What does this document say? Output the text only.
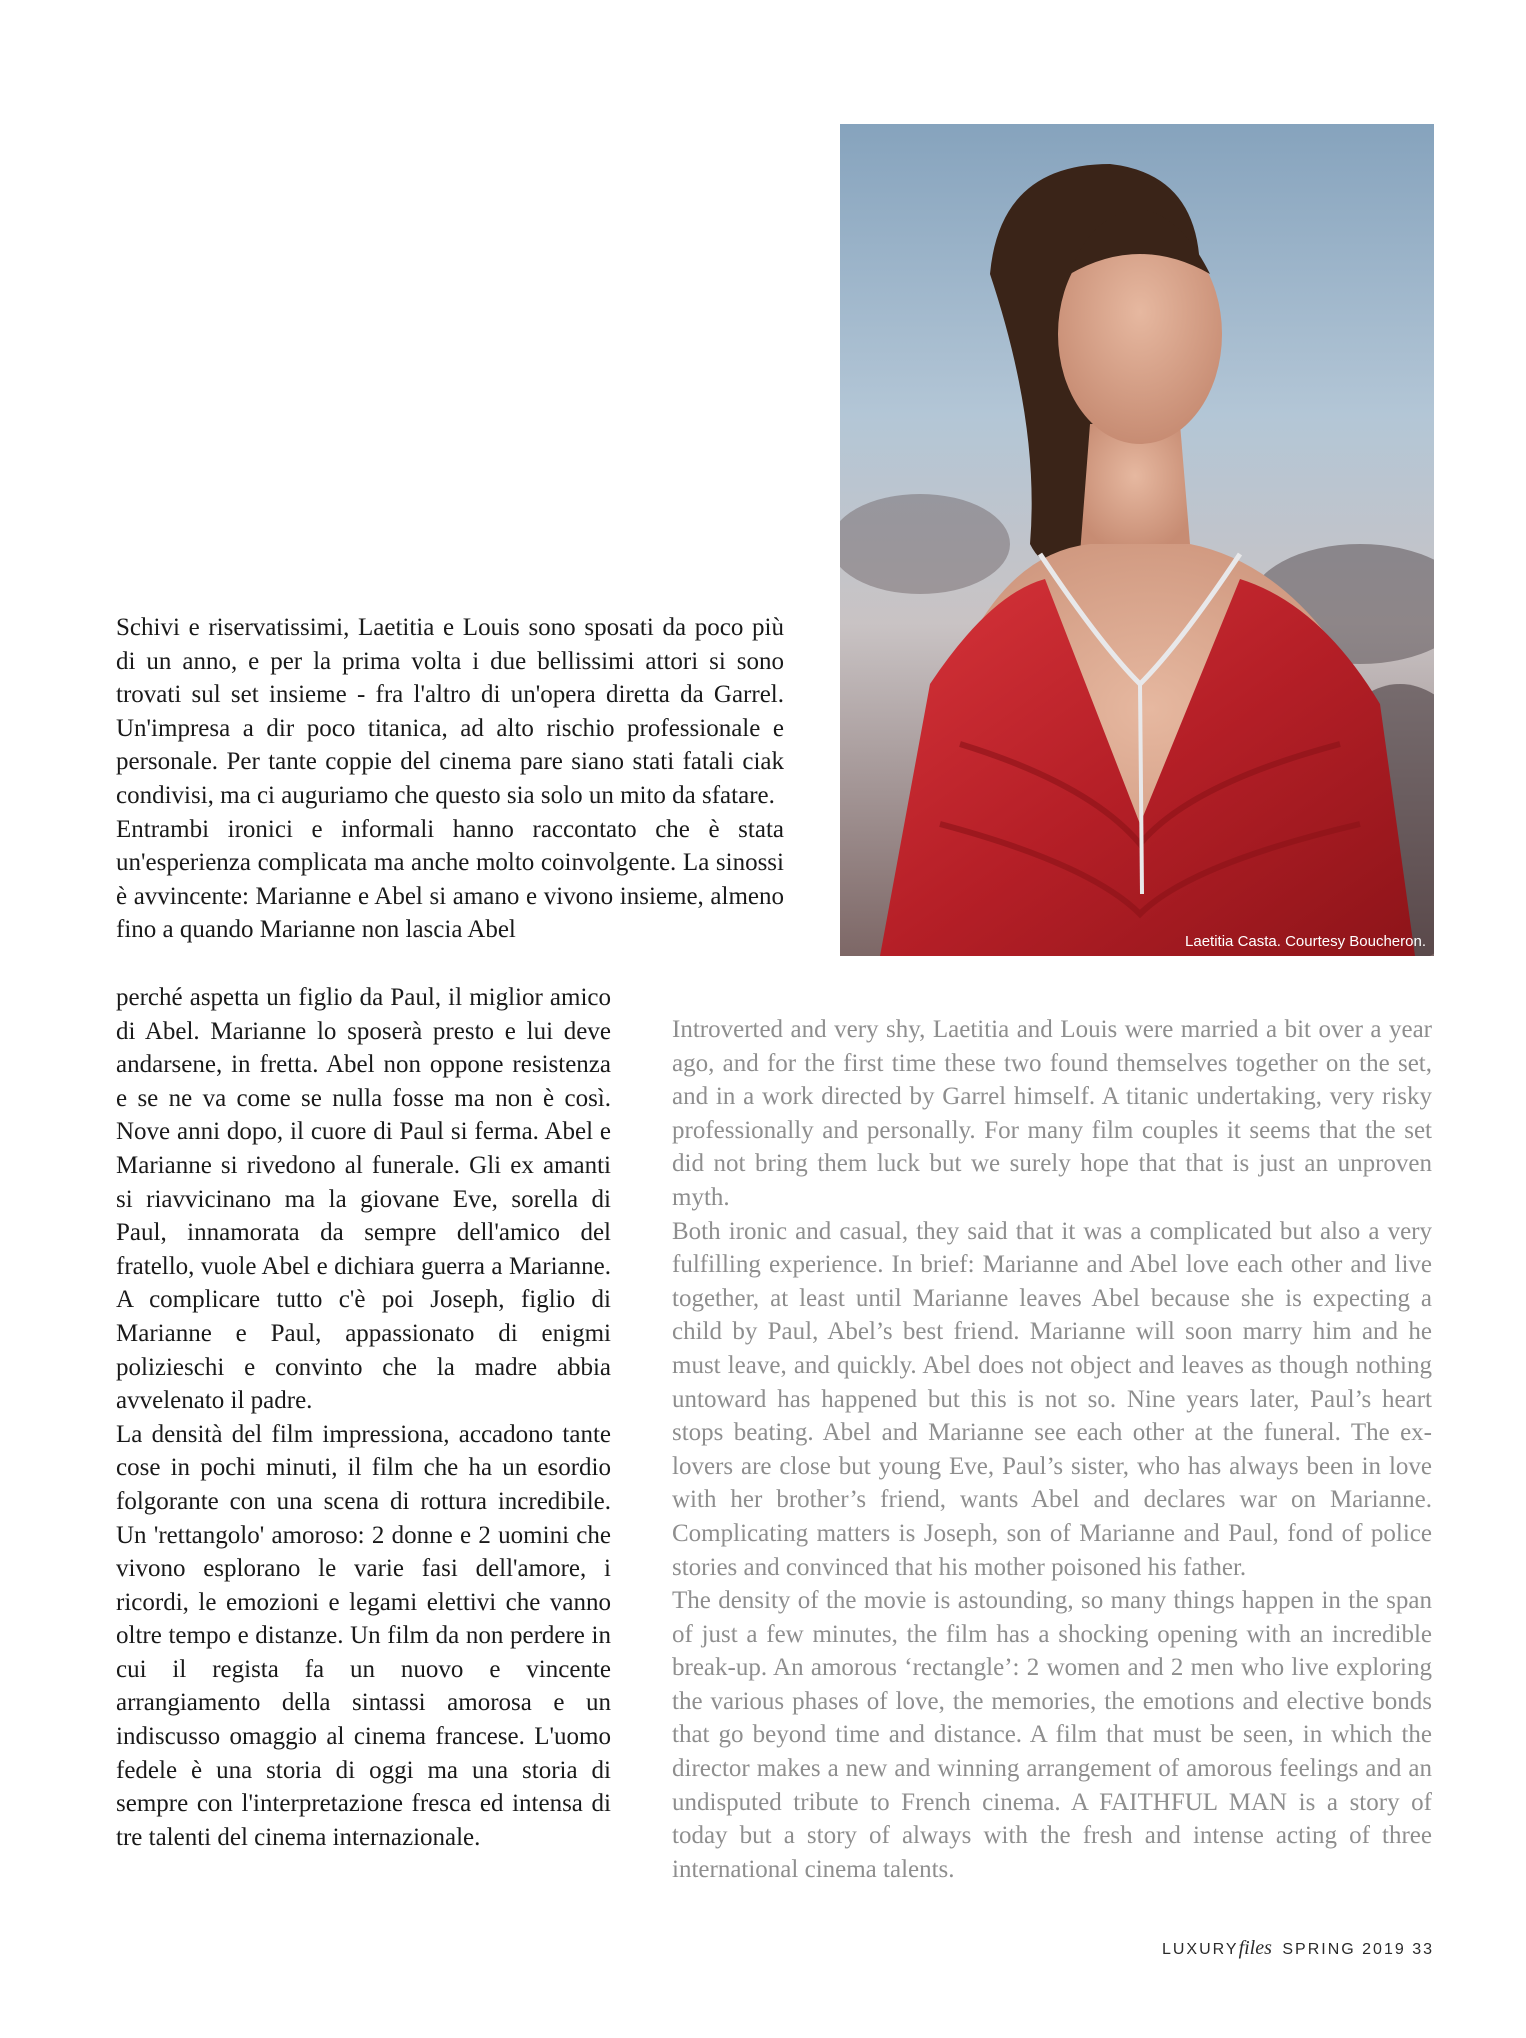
Laetitia Casta. Courtesy Boucheron.

Schivi e riservatissimi, Laetitia e Louis sono sposati da poco più di un anno, e per la prima volta i due bellissimi attori si sono trovati sul set insieme - fra l'altro di un'opera diretta da Garrel. Un'impresa a dir poco titanica, ad alto rischio professionale e personale. Per tante coppie del cinema pare siano stati fatali ciak condivisi, ma ci auguriamo che questo sia solo un mito da sfatare.

Entrambi ironici e informali hanno raccontato che è stata un'esperienza complicata ma anche molto coinvolgente. La sinossi è avvincente: Marianne e Abel si amano e vivono insieme, almeno fino a quando Marianne non lascia Abel

perché aspetta un figlio da Paul, il miglior amico di Abel. Marianne lo sposerà presto e lui deve andarsene, in fretta. Abel non oppone resistenza e se ne va come se nulla fosse ma non è così. Nove anni dopo, il cuore di Paul si ferma. Abel e Marianne si rivedono al funerale. Gli ex amanti si riavvicinano ma la giovane Eve, sorella di Paul, innamorata da sempre dell'amico del fratello, vuole Abel e dichiara guerra a Marianne. A complicare tutto c'è poi Joseph, figlio di Marianne e Paul, appassionato di enigmi polizieschi e convinto che la madre abbia avvelenato il padre.

La densità del film impressiona, accadono tante cose in pochi minuti, il film che ha un esordio folgorante con una scena di rottura incredibile. Un 'rettangolo' amoroso: 2 donne e 2 uomini che vivono esplorano le varie fasi dell'amore, i ricordi, le emozioni e legami elettivi che vanno oltre tempo e distanze. Un film da non perdere in cui il regista fa un nuovo e vincente arrangiamento della sintassi amorosa e un indiscusso omaggio al cinema francese. L'uomo fedele è una storia di oggi ma una storia di sempre con l'interpretazione fresca ed intensa di tre talenti del cinema internazionale.

Introverted and very shy, Laetitia and Louis were married a bit over a year ago, and for the first time these two found themselves together on the set, and in a work directed by Garrel himself. A titanic undertaking, very risky professionally and personally. For many film couples it seems that the set did not bring them luck but we surely hope that that is just an unproven myth.

Both ironic and casual, they said that it was a complicated but also a very fulfilling experience. In brief: Marianne and Abel love each other and live together, at least until Marianne leaves Abel because she is expecting a child by Paul, Abel’s best friend. Marianne will soon marry him and he must leave, and quickly. Abel does not object and leaves as though nothing untoward has happened but this is not so. Nine years later, Paul’s heart stops beating. Abel and Marianne see each other at the funeral. The ex-lovers are close but young Eve, Paul’s sister, who has always been in love with her brother’s friend, wants Abel and declares war on Marianne. Complicating matters is Joseph, son of Marianne and Paul, fond of police stories and convinced that his mother poisoned his father.

The density of the movie is astounding, so many things happen in the span of just a few minutes, the film has a shocking opening with an incredible break-up. An amorous ‘rectangle’: 2 women and 2 men who live exploring the various phases of love, the memories, the emotions and elective bonds that go beyond time and distance. A film that must be seen, in which the director makes a new and winning arrangement of amorous feelings and an undisputed tribute to French cinema. A FAITHFUL MAN is a story of today but a story of always with the fresh and intense acting of three international cinema talents.

LUXURYfiles SPRING 2019 33
